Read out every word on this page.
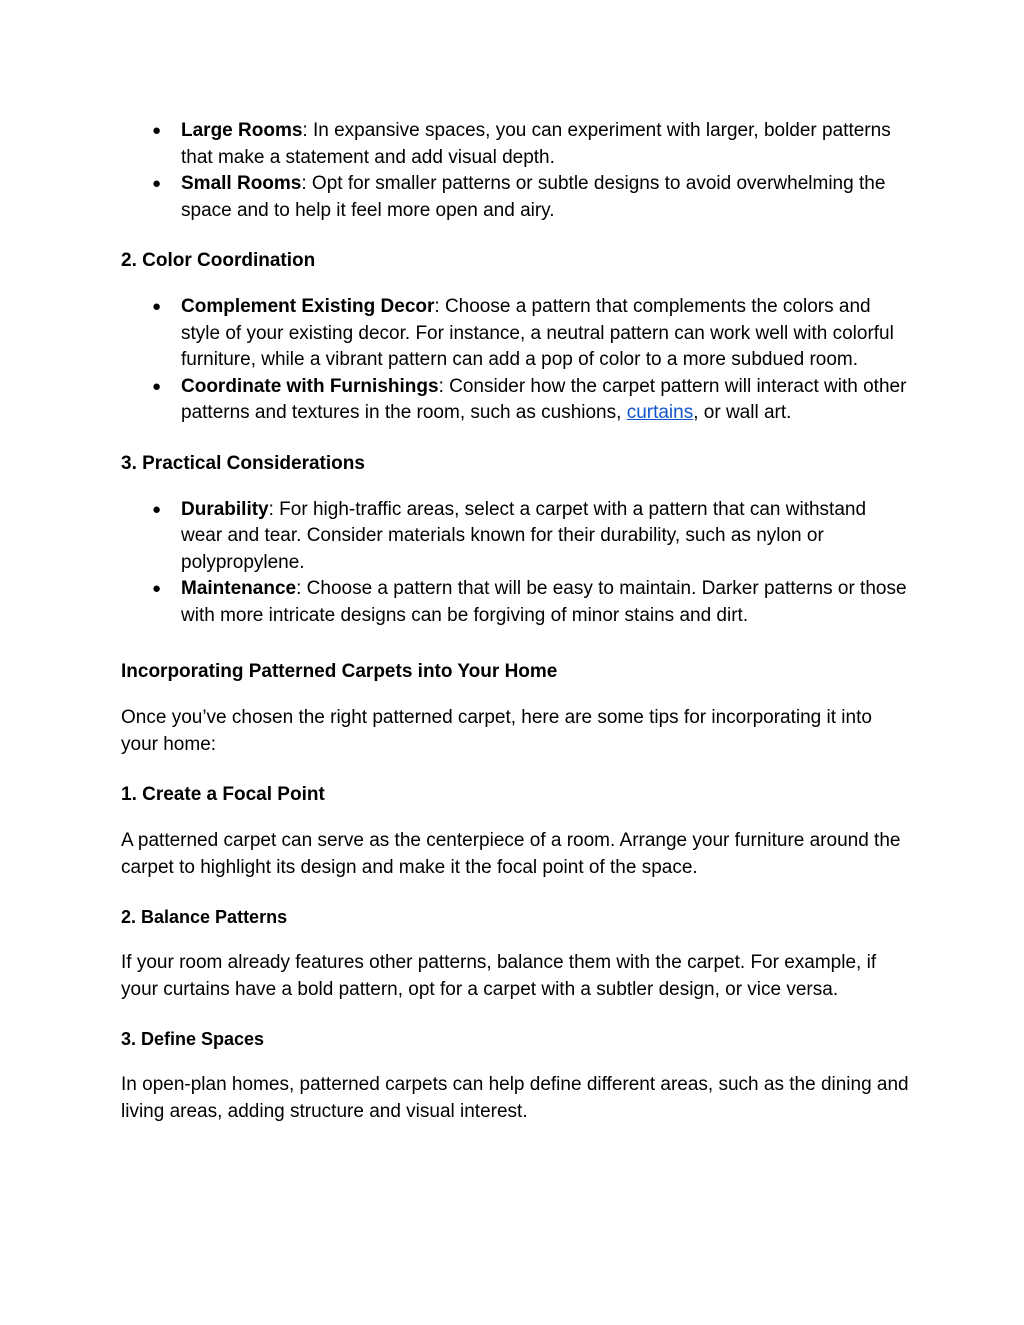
● Large Rooms: In expansive spaces, you can experiment with larger, bolder patterns that make a statement and add visual depth.
● Small Rooms: Opt for smaller patterns or subtle designs to avoid overwhelming the space and to help it feel more open and airy.
2. Color Coordination
● Complement Existing Decor: Choose a pattern that complements the colors and style of your existing decor. For instance, a neutral pattern can work well with colorful furniture, while a vibrant pattern can add a pop of color to a more subdued room.
● Coordinate with Furnishings: Consider how the carpet pattern will interact with other patterns and textures in the room, such as cushions, curtains, or wall art.
3. Practical Considerations
● Durability: For high-traffic areas, select a carpet with a pattern that can withstand wear and tear. Consider materials known for their durability, such as nylon or polypropylene.
● Maintenance: Choose a pattern that will be easy to maintain. Darker patterns or those with more intricate designs can be forgiving of minor stains and dirt.
Incorporating Patterned Carpets into Your Home

Once you’ve chosen the right patterned carpet, here are some tips for incorporating it into your home:

1. Create a Focal Point

A patterned carpet can serve as the centerpiece of a room. Arrange your furniture around the carpet to highlight its design and make it the focal point of the space.

2. Balance Patterns

If your room already features other patterns, balance them with the carpet. For example, if your curtains have a bold pattern, opt for a carpet with a subtler design, or vice versa.

3. Define Spaces

In open-plan homes, patterned carpets can help define different areas, such as the dining and living areas, adding structure and visual interest.
